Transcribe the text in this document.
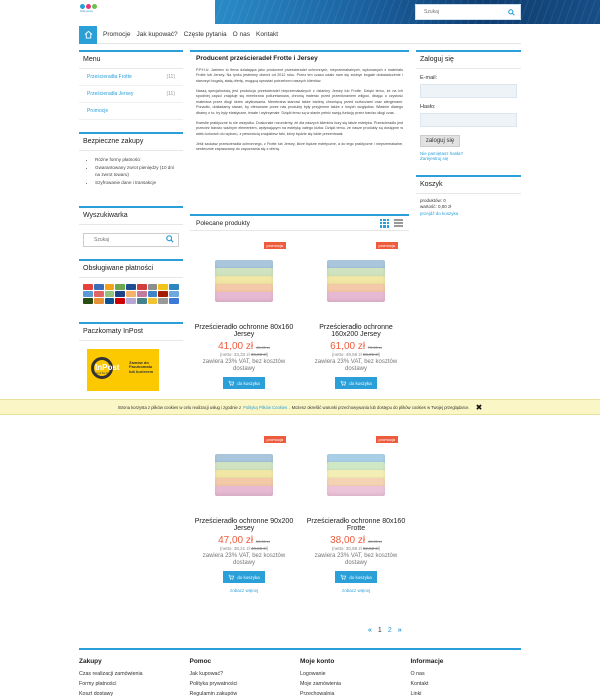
frotte jersey
Szukaj
Promocje Jak kupować? Częste pytania O nas Kontakt
Menu
Prześcieradła Frotte	(11)
Prześcieradła Jersey	(11)
Promocje
Bezpieczne zakupy
• Różne formy płatności
• Gwarantowany zwrot pieniędzy (10 dni na zwrot towaru)
• Szyfrowanie dane i transakcje
Wyszukiwarka
Szukaj
Obsługiwane płatności
Paczkomaty InPost
InPost
out of the box
Zamów do Paczkomatu lub kurierem
Producent prześcieradeł Frotte i Jersey

P.P.H.U. Jarimex to firma działająca jako producent prześcieradeł ochronnych, nieprzemakalnych, wykonanych z materiału Frotte lub Jersey. Na rynku jesteśmy obecni od 2012 roku. Przez ten czasu udało nam się zdobyć bogate doświadczenie i stworzyć bogatą, stałą ofertę, mogącą sprostać potrzebom naszych klientów.

Naszą specjalnością jest produkcja prześcieradeł nieprzemakalnych z dzianiny Jersey lub Frotte. Dzięki temu, że na ich spodniej części znajduje się membrana poliuretanowa, chronią materac przed przeniknaniem wilgoci, dbając o czystość materaca przez długi okres użytkowania. Membrana stanowi także barierę chroniącą przed roztoczami oraz alergenami. Ponadto, dokładamy starań, by oferowane przez nas produkty były przyjemne także z innych względów. Właśnie dlatego dbamy o to, by były elastyczne, trwałe i wytrzymałe. Dzięki temu są w stanie pełnić swoją funkcję przez bardzo długi czas.

Kwestie praktyczne to nie wszystko. Doskonale rozumiemy, że dla naszych klientów liczy się także estetyka. Prześcieradło jest przecież bardzo ważnym elementem, wpływającym na estetykę całego łóżka. Dzięki temu, że nasze produkty są dostępne w wielu kolorach do wyboru, z pewnością znajdziesz taki, który będzie się tobie prezentował.

Jeśli szukasz prześcieradła ochronnego, z Frotte lub Jersey, które będzie estetyczne, a do tego praktyczne i nieprzemakalne, serdecznie zapraszamy do zapoznania się z ofertą.

Polecane produkty
promocja
Prześcieradło ochronne 80x160 Jersey
41,00 zł 45,00 zł
(netto: 33,33 zł 36,59 zł)
zawiera 23% VAT, bez kosztów dostawy
do koszyka
promocja
Prześcieradło ochronne 160x200 Jersey
61,00 zł 70,00 zł
(netto: 49,59 zł 56,91 zł)
zawiera 23% VAT, bez kosztów dostawy
do koszyka
promocja
Prześcieradło ochronne 90x200 Jersey
47,00 zł 50,00 zł
(netto: 38,21 zł 40,65 zł)
zawiera 23% VAT, bez kosztów dostawy
do koszyka
zobacz więcej
promocja
Prześcieradło ochronne 80x160 Frotte
38,00 zł 40,00 zł
(netto: 30,89 zł 32,52 zł)
zawiera 23% VAT, bez kosztów dostawy
do koszyka
zobacz więcej
Zaloguj się
E-mail:
Hasło:
zaloguj się
Nie pamiętasz hasła?
Zarejestruj się
Koszyk
produktów: 0
wartość: 0,00 zł
przejdź do koszyka
Strona korzysta z plików cookies w celu realizacji usług i zgodnie z Polityką Plików Cookies . Możesz określić warunki przechowywania lub dostępu do plików cookies w Twojej przeglądarce. ✖
« 1 2 »
Zakupy
Czas realizacji zamówienia
Formy płatności
Koszt dostawy
Pomoc
Jak kupować?
Polityka prywatności
Regulamin zakupów
Moje konto
Logowanie
Moje zamówienia
Przechowalnia
Informacje
O nas
Kontakt
Linki
